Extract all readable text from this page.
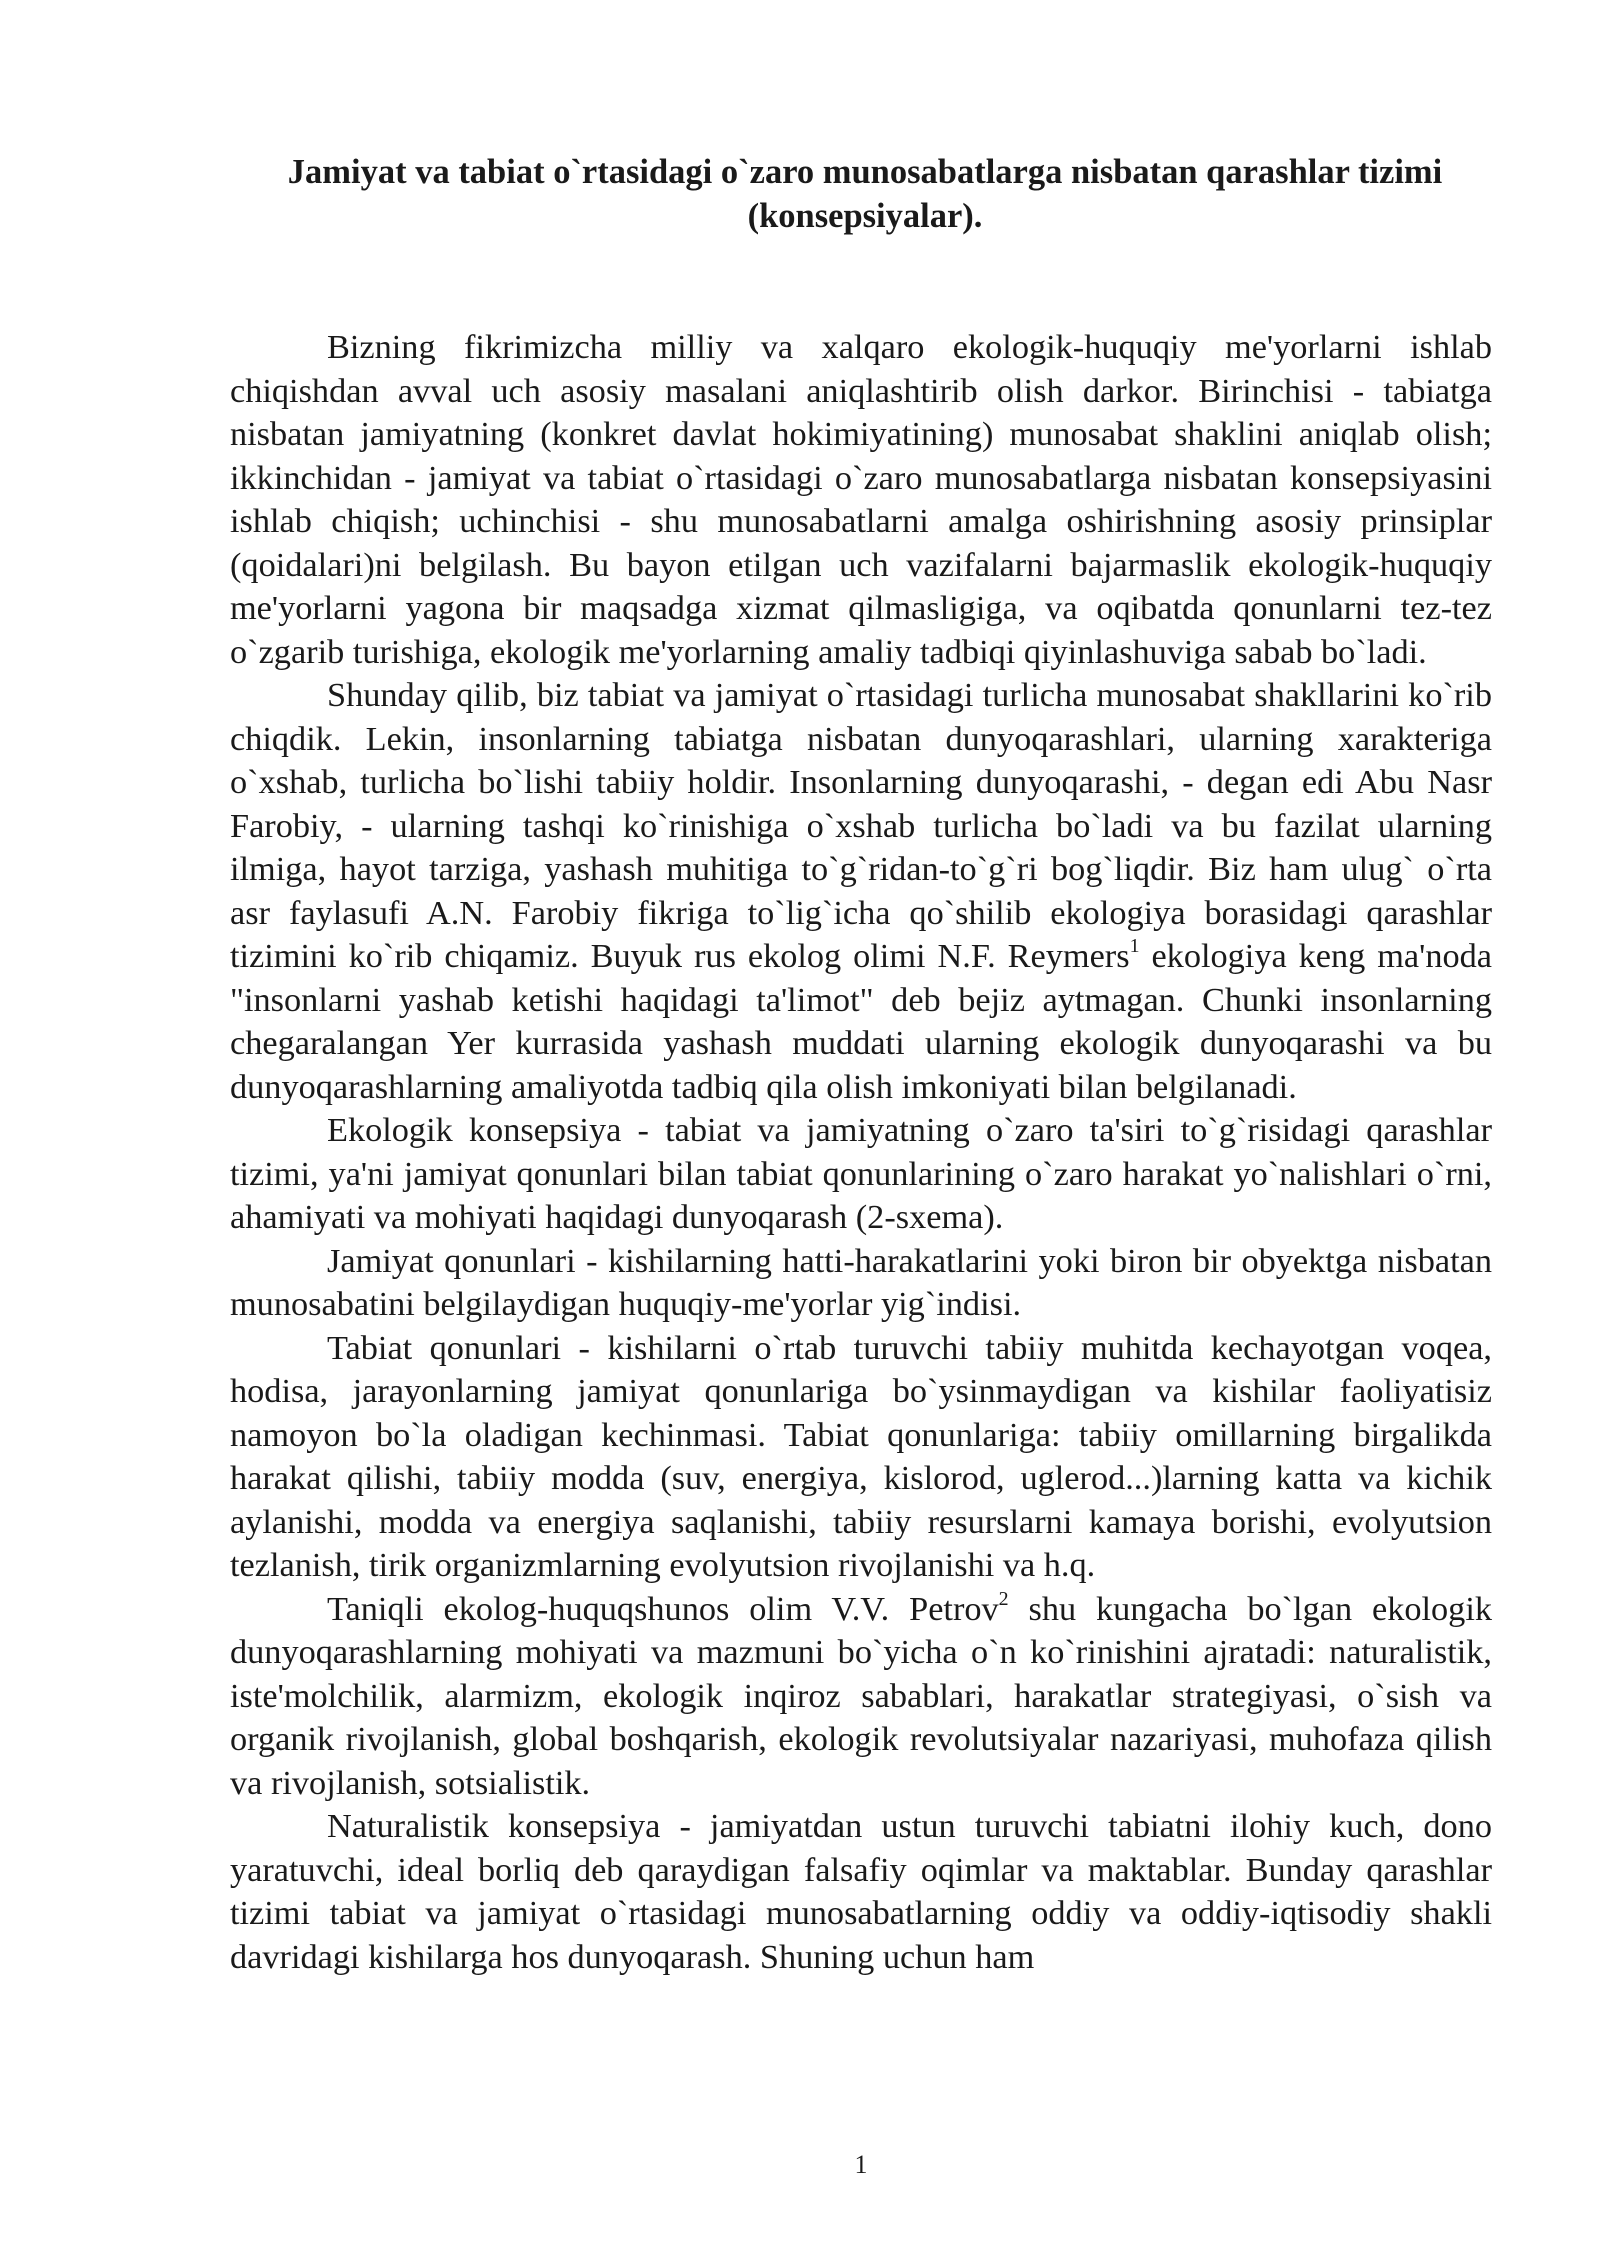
Jamiyat va tabiat o`rtasidagi o`zaro munosabatlarga nisbatan qarashlar tizimi (konsepsiyalar).

Bizning fikrimizcha milliy va xalqaro ekologik-huquqiy me'yorlarni ishlab chiqishdan avval uch asosiy masalani aniqlashtirib olish darkor. Birinchisi - tabiatga nisbatan jamiyatning (konkret davlat hokimiyatining) munosabat shaklini aniqlab olish; ikkinchidan - jamiyat va tabiat o`rtasidagi o`zaro munosabatlarga nisbatan konsepsiyasini ishlab chiqish; uchinchisi - shu munosabatlarni amalga oshirishning asosiy prinsiplar (qoidalari)ni belgilash. Bu bayon etilgan uch vazifalarni bajarmaslik ekologik-huquqiy me'yorlarni yagona bir maqsadga xizmat qilmasligiga, va oqibatda qonunlarni tez-tez o`zgarib turishiga, ekologik me'yorlarning amaliy tadbiqi qiyinlashuviga sabab bo`ladi.

Shunday qilib, biz tabiat va jamiyat o`rtasidagi turlicha munosabat shakllarini ko`rib chiqdik. Lekin, insonlarning tabiatga nisbatan dunyoqarashlari, ularning xarakteriga o`xshab, turlicha bo`lishi tabiiy holdir. Insonlarning dunyoqarashi, - degan edi Abu Nasr Farobiy, - ularning tashqi ko`rinishiga o`xshab turlicha bo`ladi va bu fazilat ularning ilmiga, hayot tarziga, yashash muhitiga to`g`ridan-to`g`ri bog`liqdir. Biz ham ulug` o`rta asr faylasufi A.N. Farobiy fikriga to`lig`icha qo`shilib ekologiya borasidagi qarashlar tizimini ko`rib chiqamiz. Buyuk rus ekolog olimi N.F. Reymers$^1$ ekologiya keng ma'noda "insonlarni yashab ketishi haqidagi ta'limot" deb bejiz aytmagan. Chunki insonlarning chegaralangan Yer kurrasida yashash muddati ularning ekologik dunyoqarashi va bu dunyoqarashlarning amaliyotda tadbiq qila olish imkoniyati bilan belgilanadi.

Ekologik konsepsiya - tabiat va jamiyatning o`zaro ta'siri to`g`risidagi qarashlar tizimi, ya'ni jamiyat qonunlari bilan tabiat qonunlarining o`zaro harakat yo`nalishlari o`rni, ahamiyati va mohiyati haqidagi dunyoqarash (2-sxema).

Jamiyat qonunlari - kishilarning hatti-harakatlarini yoki biron bir obyektga nisbatan munosabatini belgilaydigan huquqiy-me'yorlar yig`indisi.

Tabiat qonunlari - kishilarni o`rtab turuvchi tabiiy muhitda kechayotgan voqea, hodisa, jarayonlarning jamiyat qonunlariga bo`ysinmaydigan va kishilar faoliyatisiz namoyon bo`la oladigan kechinmasi. Tabiat qonunlariga: tabiiy omillarning birgalikda harakat qilishi, tabiiy modda (suv, energiya, kislorod, uglerod...)larning katta va kichik aylanishi, modda va energiya saqlanishi, tabiiy resurslarni kamaya borishi, evolyutsion tezlanish, tirik organizmlarning evolyutsion rivojlanishi va h.q.

Taniqli ekolog-huquqshunos olim V.V. Petrov$^2$ shu kungacha bo`lgan ekologik dunyoqarashlarning mohiyati va mazmuni bo`yicha o`n ko`rinishini ajratadi: naturalistik, iste'molchilik, alarmizm, ekologik inqiroz sabablari, harakatlar strategiyasi, o`sish va organik rivojlanish, global boshqarish, ekologik revolutsiyalar nazariyasi, muhofaza qilish va rivojlanish, sotsialistik.

Naturalistik konsepsiya - jamiyatdan ustun turuvchi tabiatni ilohiy kuch, dono yaratuvchi, ideal borliq deb qaraydigan falsafiy oqimlar va maktablar. Bunday qarashlar tizimi tabiat va jamiyat o`rtasidagi munosabatlarning oddiy va oddiy-iqtisodiy shakli davridagi kishilarga hos dunyoqarash. Shuning uchun ham

1
